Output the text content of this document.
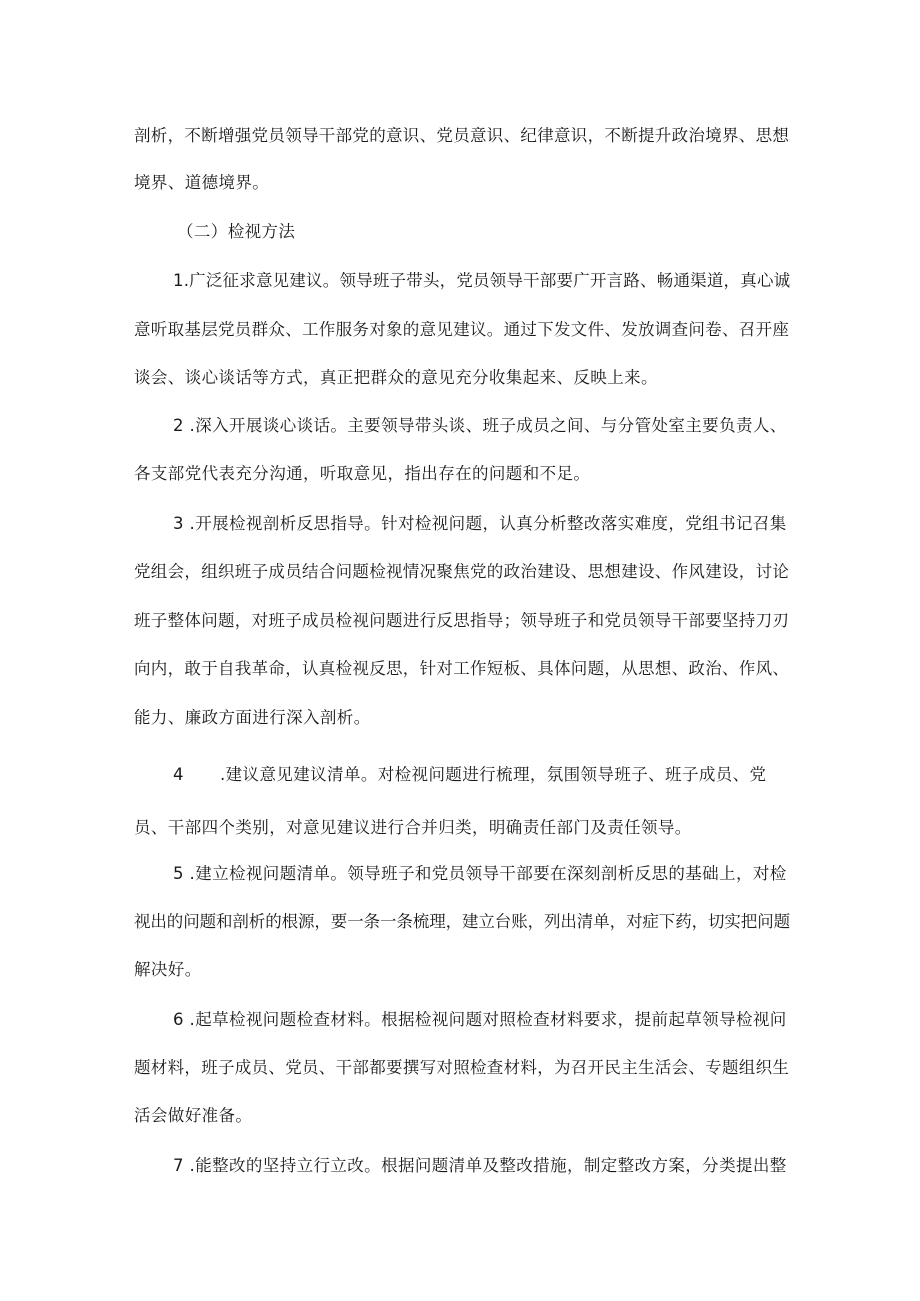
剖析，不断增强党员领导干部党的意识、党员意识、纪律意识，不断提升政治境界、思想
境界、道德境界。
（二）检视方法
1.广泛征求意见建议。领导班子带头，党员领导干部要广开言路、畅通渠道，真心诚
意听取基层党员群众、工作服务对象的意见建议。通过下发文件、发放调查问卷、召开座
谈会、谈心谈话等方式，真正把群众的意见充分收集起来、反映上来。
2 .深入开展谈心谈话。主要领导带头谈、班子成员之间、与分管处室主要负责人、
各支部党代表充分沟通，听取意见，指出存在的问题和不足。
3 .开展检视剖析反思指导。针对检视问题，认真分析整改落实难度，党组书记召集
党组会，组织班子成员结合问题检视情况聚焦党的政治建设、思想建设、作风建设，讨论
班子整体问题，对班子成员检视问题进行反思指导；领导班子和党员领导干部要坚持刀刃
向内，敢于自我革命，认真检视反思，针对工作短板、具体问题，从思想、政治、作风、
能力、廉政方面进行深入剖析。
4 .建议意见建议清单。对检视问题进行梳理，氛围领导班子、班子成员、党
员、干部四个类别，对意见建议进行合并归类，明确责任部门及责任领导。
5 .建立检视问题清单。领导班子和党员领导干部要在深刻剖析反思的基础上，对检
视出的问题和剖析的根源，要一条一条梳理，建立台账，列出清单，对症下药，切实把问题
解决好。
6 .起草检视问题检查材料。根据检视问题对照检查材料要求，提前起草领导检视问
题材料，班子成员、党员、干部都要撰写对照检查材料，为召开民主生活会、专题组织生
活会做好准备。
7 .能整改的坚持立行立改。根据问题清单及整改措施，制定整改方案，分类提出整
